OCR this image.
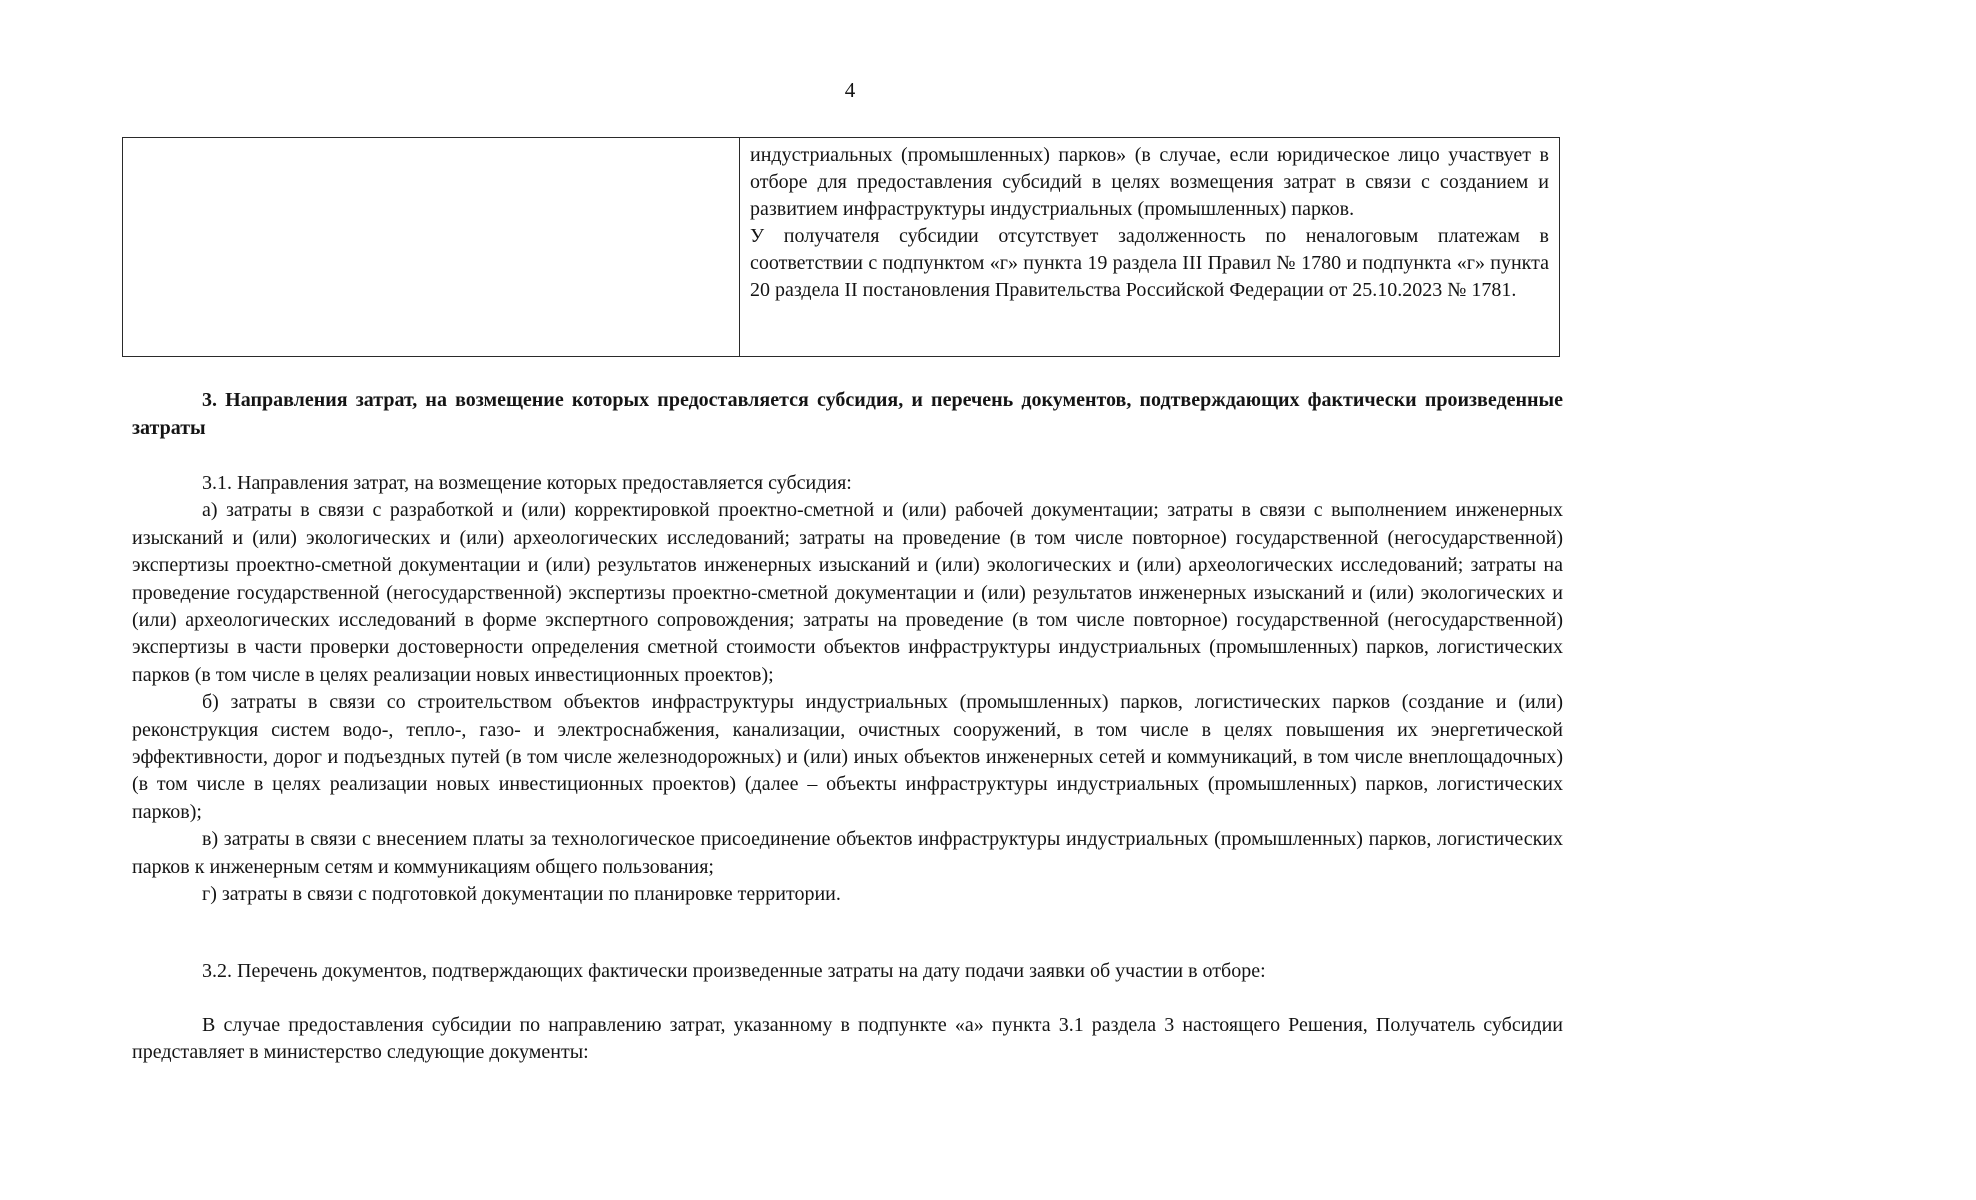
4

индустриальных (промышленных) парков» (в случае, если юридическое лицо участвует в отборе для предоставления субсидий в целях возмещения затрат в связи с созданием и развитием инфраструктуры индустриальных (промышленных) парков.

У получателя субсидии отсутствует задолженность по неналоговым платежам в соответствии с подпунктом «г» пункта 19 раздела III Правил № 1780 и подпункта «г» пункта 20 раздела II постановления Правительства Российской Федерации от 25.10.2023 № 1781.

3. Направления затрат, на возмещение которых предоставляется субсидия, и перечень документов, подтверждающих фактически произведенные затраты

3.1. Направления затрат, на возмещение которых предоставляется субсидия:

а) затраты в связи с разработкой и (или) корректировкой проектно-сметной и (или) рабочей документации; затраты в связи с выполнением инженерных изысканий и (или) экологических и (или) археологических исследований; затраты на проведение (в том числе повторное) государственной (негосударственной) экспертизы проектно-сметной документации и (или) результатов инженерных изысканий и (или) экологических и (или) археологических исследований; затраты на проведение государственной (негосударственной) экспертизы проектно-сметной документации и (или) результатов инженерных изысканий и (или) экологических и (или) археологических исследований в форме экспертного сопровождения; затраты на проведение (в том числе повторное) государственной (негосударственной) экспертизы в части проверки достоверности определения сметной стоимости объектов инфраструктуры индустриальных (промышленных) парков, логистических парков (в том числе в целях реализации новых инвестиционных проектов);

б) затраты в связи со строительством объектов инфраструктуры индустриальных (промышленных) парков, логистических парков (создание и (или) реконструкция систем водо-, тепло-, газо- и электроснабжения, канализации, очистных сооружений, в том числе в целях повышения их энергетической эффективности, дорог и подъездных путей (в том числе железнодорожных) и (или) иных объектов инженерных сетей и коммуникаций, в том числе внеплощадочных) (в том числе в целях реализации новых инвестиционных проектов) (далее – объекты инфраструктуры индустриальных (промышленных) парков, логистических парков);

в) затраты в связи с внесением платы за технологическое присоединение объектов инфраструктуры индустриальных (промышленных) парков, логистических парков к инженерным сетям и коммуникациям общего пользования;

г) затраты в связи с подготовкой документации по планировке территории.

3.2. Перечень документов, подтверждающих фактически произведенные затраты на дату подачи заявки об участии в отборе:

В случае предоставления субсидии по направлению затрат, указанному в подпункте «а» пункта 3.1 раздела 3 настоящего Решения, Получатель субсидии представляет в министерство следующие документы:
